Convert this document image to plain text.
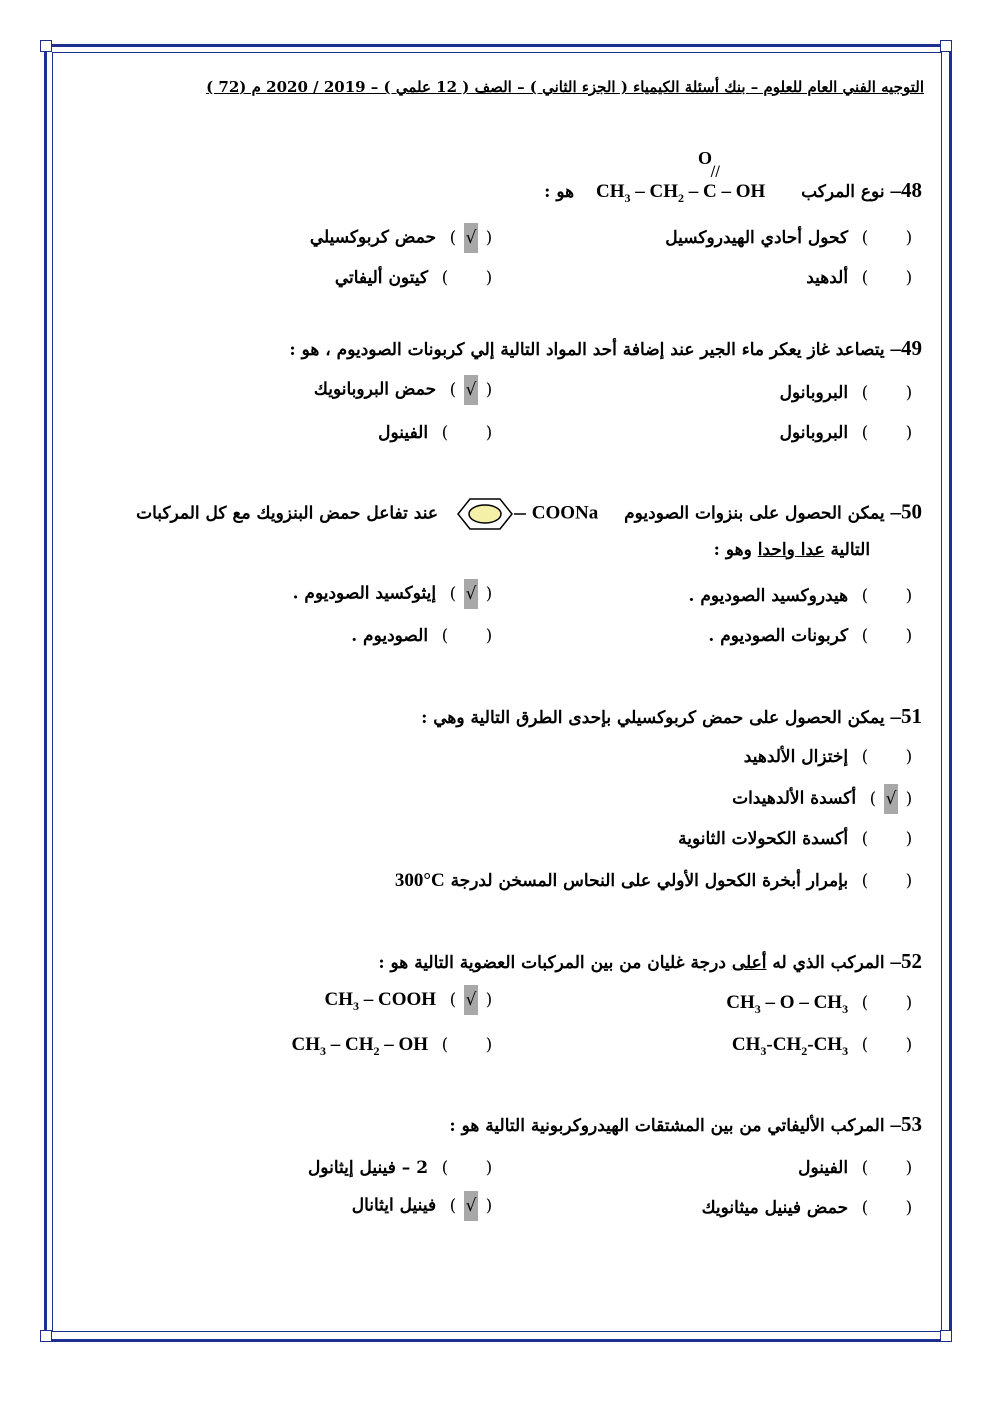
التوجيه الفني العام للعلوم – بنك أسئلة الكيمياء ( الجزء الثاني ) – الصف ( 12 علمي ) – 2019 / 2020 م (72 )
O
//
48– نوع المركب  $CH_3 - CH_2$ – C – OH  هو :
() كحول أحادي الهيدروكسيل
(√) حمض كربوكسيلي
() ألدهيد
() كيتون أليفاتي
49– يتصاعد غاز يعكر ماء الجير عند إضافة أحد المواد التالية إلي كربونات الصوديوم ، هو :
() البروبانول
(√) حمض البروبانويك
() البروبانول
() الفينول
50– يمكن الحصول على بنزوات الصوديوم  COONa   عند تفاعل حمض البنزويك مع كل المركبات
التالية عدا واحدا وهو :
() هيدروكسيد الصوديوم .
(√) إيثوكسيد الصوديوم .
() كربونات الصوديوم .
() الصوديوم .
51– يمكن الحصول على حمض كربوكسيلي بإحدى الطرق التالية وهي :
() إختزال الألدهيد
(√) أكسدة الألدهيدات
() أكسدة الكحولات الثانوية
() بإمرار أبخرة الكحول الأولي على النحاس المسخن لدرجة 300°C
52– المركب الذي له أعلى درجة غليان من بين المركبات العضوية التالية هو :
() $CH_3$ – O – $CH_3$
(√) $CH_3$ – COOH
() $CH_3-CH_2-CH_3$
() $CH_3 - CH_2$ – OH
53– المركب الأليفاتي من بين المشتقات الهيدروكربونية التالية هو :
() الفينول
() 2 – فينيل إيثانول
() حمض فينيل ميثانويك
(√) فينيل ايثانال
